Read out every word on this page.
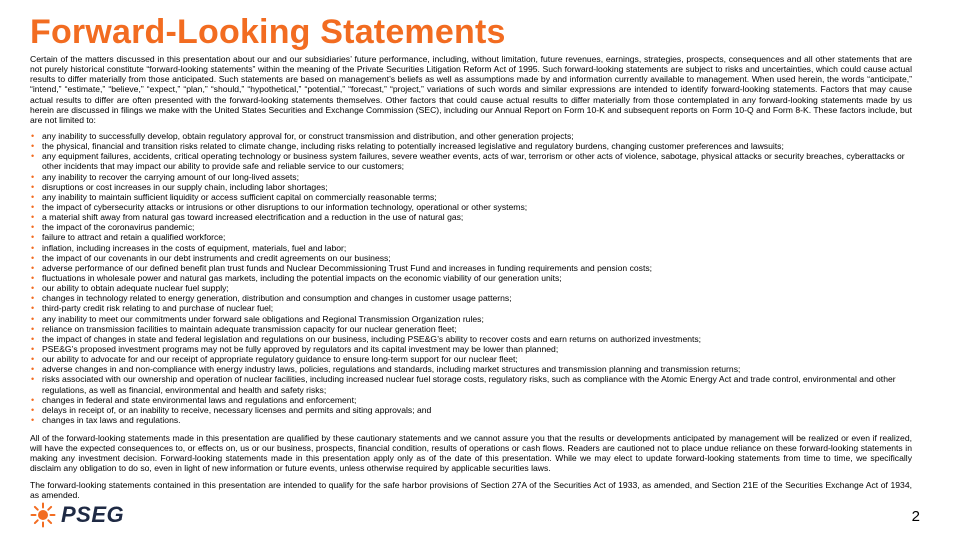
Forward-Looking Statements

Certain of the matters discussed in this presentation about our and our subsidiaries’ future performance, including, without limitation, future revenues, earnings, strategies, prospects, consequences and all other statements that are not purely historical constitute “forward-looking statements” within the meaning of the Private Securities Litigation Reform Act of 1995. Such forward-looking statements are subject to risks and uncertainties, which could cause actual results to differ materially from those anticipated. Such statements are based on management’s beliefs as well as assumptions made by and information currently available to management. When used herein, the words “anticipate,” “intend,” “estimate,” “believe,” “expect,” “plan,” “should,” “hypothetical,” “potential,” “forecast,” “project,” variations of such words and similar expressions are intended to identify forward-looking statements. Factors that may cause actual results to differ are often presented with the forward-looking statements themselves. Other factors that could cause actual results to differ materially from those contemplated in any forward-looking statements made by us herein are discussed in filings we make with the United States Securities and Exchange Commission (SEC), including our Annual Report on Form 10-K and subsequent reports on Form 10-Q and Form 8-K. These factors include, but are not limited to:

• any inability to successfully develop, obtain regulatory approval for, or construct transmission and distribution, and other generation projects;
• the physical, financial and transition risks related to climate change, including risks relating to potentially increased legislative and regulatory burdens, changing customer preferences and lawsuits;
• any equipment failures, accidents, critical operating technology or business system failures, severe weather events, acts of war, terrorism or other acts of violence, sabotage, physical attacks or security breaches, cyberattacks or other incidents that may impact our ability to provide safe and reliable service to our customers;
• any inability to recover the carrying amount of our long-lived assets;
• disruptions or cost increases in our supply chain, including labor shortages;
• any inability to maintain sufficient liquidity or access sufficient capital on commercially reasonable terms;
• the impact of cybersecurity attacks or intrusions or other disruptions to our information technology, operational or other systems;
• a material shift away from natural gas toward increased electrification and a reduction in the use of natural gas;
• the impact of the coronavirus pandemic;
• failure to attract and retain a qualified workforce;
• inflation, including increases in the costs of equipment, materials, fuel and labor;
• the impact of our covenants in our debt instruments and credit agreements on our business;
• adverse performance of our defined benefit plan trust funds and Nuclear Decommissioning Trust Fund and increases in funding requirements and pension costs;
• fluctuations in wholesale power and natural gas markets, including the potential impacts on the economic viability of our generation units;
• our ability to obtain adequate nuclear fuel supply;
• changes in technology related to energy generation, distribution and consumption and changes in customer usage patterns;
• third-party credit risk relating to and purchase of nuclear fuel;
• any inability to meet our commitments under forward sale obligations and Regional Transmission Organization rules;
• reliance on transmission facilities to maintain adequate transmission capacity for our nuclear generation fleet;
• the impact of changes in state and federal legislation and regulations on our business, including PSE&G’s ability to recover costs and earn returns on authorized investments;
• PSE&G’s proposed investment programs may not be fully approved by regulators and its capital investment may be lower than planned;
• our ability to advocate for and our receipt of appropriate regulatory guidance to ensure long-term support for our nuclear fleet;
• adverse changes in and non-compliance with energy industry laws, policies, regulations and standards, including market structures and transmission planning and transmission returns;
• risks associated with our ownership and operation of nuclear facilities, including increased nuclear fuel storage costs, regulatory risks, such as compliance with the Atomic Energy Act and trade control, environmental and other regulations, as well as financial, environmental and health and safety risks;
• changes in federal and state environmental laws and regulations and enforcement;
• delays in receipt of, or an inability to receive, necessary licenses and permits and siting approvals; and
• changes in tax laws and regulations.

All of the forward-looking statements made in this presentation are qualified by these cautionary statements and we cannot assure you that the results or developments anticipated by management will be realized or even if realized, will have the expected consequences to, or effects on, us or our business, prospects, financial condition, results of operations or cash flows. Readers are cautioned not to place undue reliance on these forward-looking statements in making any investment decision. Forward-looking statements made in this presentation apply only as of the date of this presentation. While we may elect to update forward-looking statements from time to time, we specifically disclaim any obligation to do so, even in light of new information or future events, unless otherwise required by applicable securities laws.

The forward-looking statements contained in this presentation are intended to qualify for the safe harbor provisions of Section 27A of the Securities Act of 1933, as amended, and Section 21E of the Securities Exchange Act of 1934, as amended.

PSEG	2
